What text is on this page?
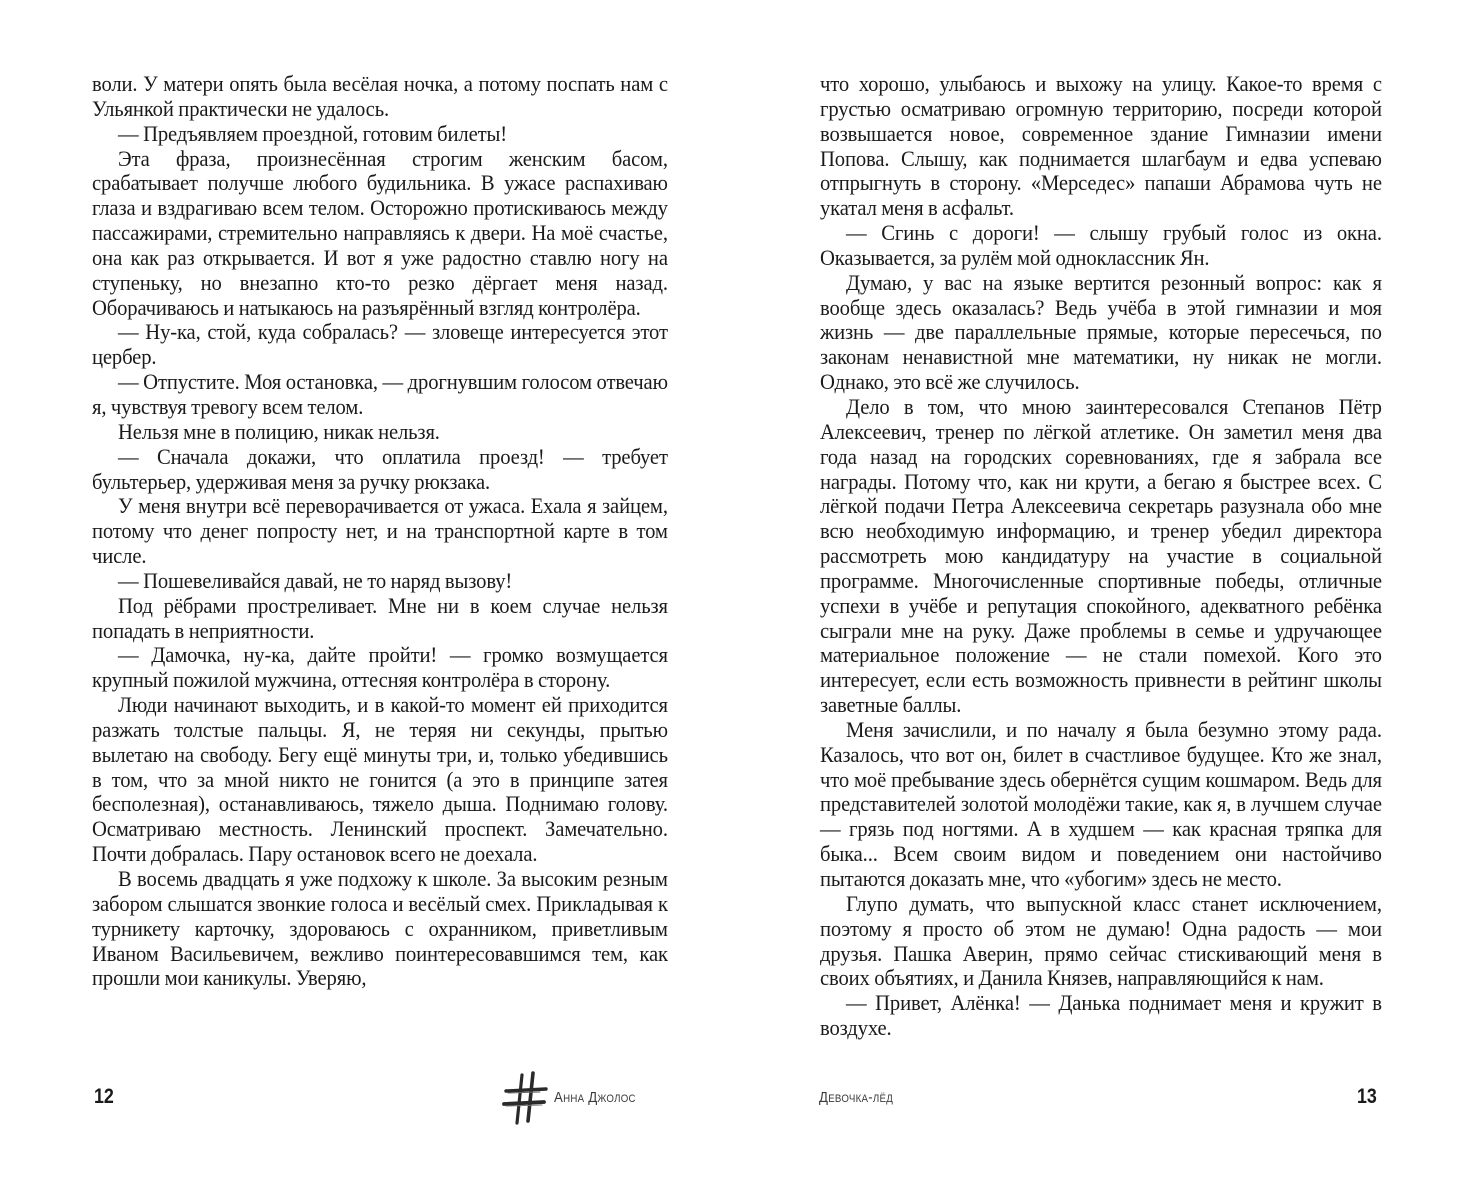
воли. У матери опять была весёлая ночка, а потому поспать нам с Ульянкой практически не удалось.

— Предъявляем проездной, готовим билеты!

Эта фраза, произнесённая строгим женским басом, срабатывает получше любого будильника. В ужасе распахиваю глаза и вздрагиваю всем телом. Осторожно протискиваюсь между пассажирами, стремительно направляясь к двери. На моё счастье, она как раз открывается. И вот я уже радостно ставлю ногу на ступеньку, но внезапно кто-то резко дёргает меня назад. Оборачиваюсь и натыкаюсь на разъярённый взгляд контролёра.

— Ну-ка, стой, куда собралась? — зловеще интересуется этот цербер.

— Отпустите. Моя остановка, — дрогнувшим голосом отвечаю я, чувствуя тревогу всем телом.

Нельзя мне в полицию, никак нельзя.

— Сначала докажи, что оплатила проезд! — требует бультерьер, удерживая меня за ручку рюкзака.

У меня внутри всё переворачивается от ужаса. Ехала я зайцем, потому что денег попросту нет, и на транспортной карте в том числе.

— Пошевеливайся давай, не то наряд вызову!

Под рёбрами простреливает. Мне ни в коем случае нельзя попадать в неприятности.

— Дамочка, ну-ка, дайте пройти! — громко возмущается крупный пожилой мужчина, оттесняя контролёра в сторону.

Люди начинают выходить, и в какой-то момент ей приходится разжать толстые пальцы. Я, не теряя ни секунды, прытью вылетаю на свободу. Бегу ещё минуты три, и, только убедившись в том, что за мной никто не гонится (а это в принципе затея бесполезная), останавливаюсь, тяжело дыша. Поднимаю голову. Осматриваю местность. Ленинский проспект. Замечательно. Почти добралась. Пару остановок всего не доехала.

В восемь двадцать я уже подхожу к школе. За высоким резным забором слышатся звонкие голоса и весёлый смех. Прикладывая к турникету карточку, здороваюсь с охранником, приветливым Иваном Васильевичем, вежливо поинтересовавшимся тем, как прошли мои каникулы. Уверяю,

что хорошо, улыбаюсь и выхожу на улицу. Какое-то время с грустью осматриваю огромную территорию, посреди которой возвышается новое, современное здание Гимназии имени Попова. Слышу, как поднимается шлагбаум и едва успеваю отпрыгнуть в сторону. «Мерседес» папаши Абрамова чуть не укатал меня в асфальт.

— Сгинь с дороги! — слышу грубый голос из окна. Оказывается, за рулём мой одноклассник Ян.

Думаю, у вас на языке вертится резонный вопрос: как я вообще здесь оказалась? Ведь учёба в этой гимназии и моя жизнь — две параллельные прямые, которые пересечься, по законам ненавистной мне математики, ну никак не могли. Однако, это всё же случилось.

Дело в том, что мною заинтересовался Степанов Пётр Алексеевич, тренер по лёгкой атлетике. Он заметил меня два года назад на городских соревнованиях, где я забрала все награды. Потому что, как ни крути, а бегаю я быстрее всех. С лёгкой подачи Петра Алексеевича секретарь разузнала обо мне всю необходимую информацию, и тренер убедил директора рассмотреть мою кандидатуру на участие в социальной программе. Многочисленные спортивные победы, отличные успехи в учёбе и репутация спокойного, адекватного ребёнка сыграли мне на руку. Даже проблемы в семье и удручающее материальное положение — не стали помехой. Кого это интересует, если есть возможность привнести в рейтинг школы заветные баллы.

Меня зачислили, и по началу я была безумно этому рада. Казалось, что вот он, билет в счастливое будущее. Кто же знал, что моё пребывание здесь обернётся сущим кошмаром. Ведь для представителей золотой молодёжи такие, как я, в лучшем случае — грязь под ногтями. А в худшем — как красная тряпка для быка... Всем своим видом и поведением они настойчиво пытаются доказать мне, что «убогим» здесь не место.

Глупо думать, что выпускной класс станет исключением, поэтому я просто об этом не думаю! Одна радость — мои друзья. Пашка Аверин, прямо сейчас стискивающий меня в своих объятиях, и Данила Князев, направляющийся к нам.

— Привет, Алёнка! — Данька поднимает меня и кружит в воздухе.

12	Анна Джолос	Девочка-лёд	13
